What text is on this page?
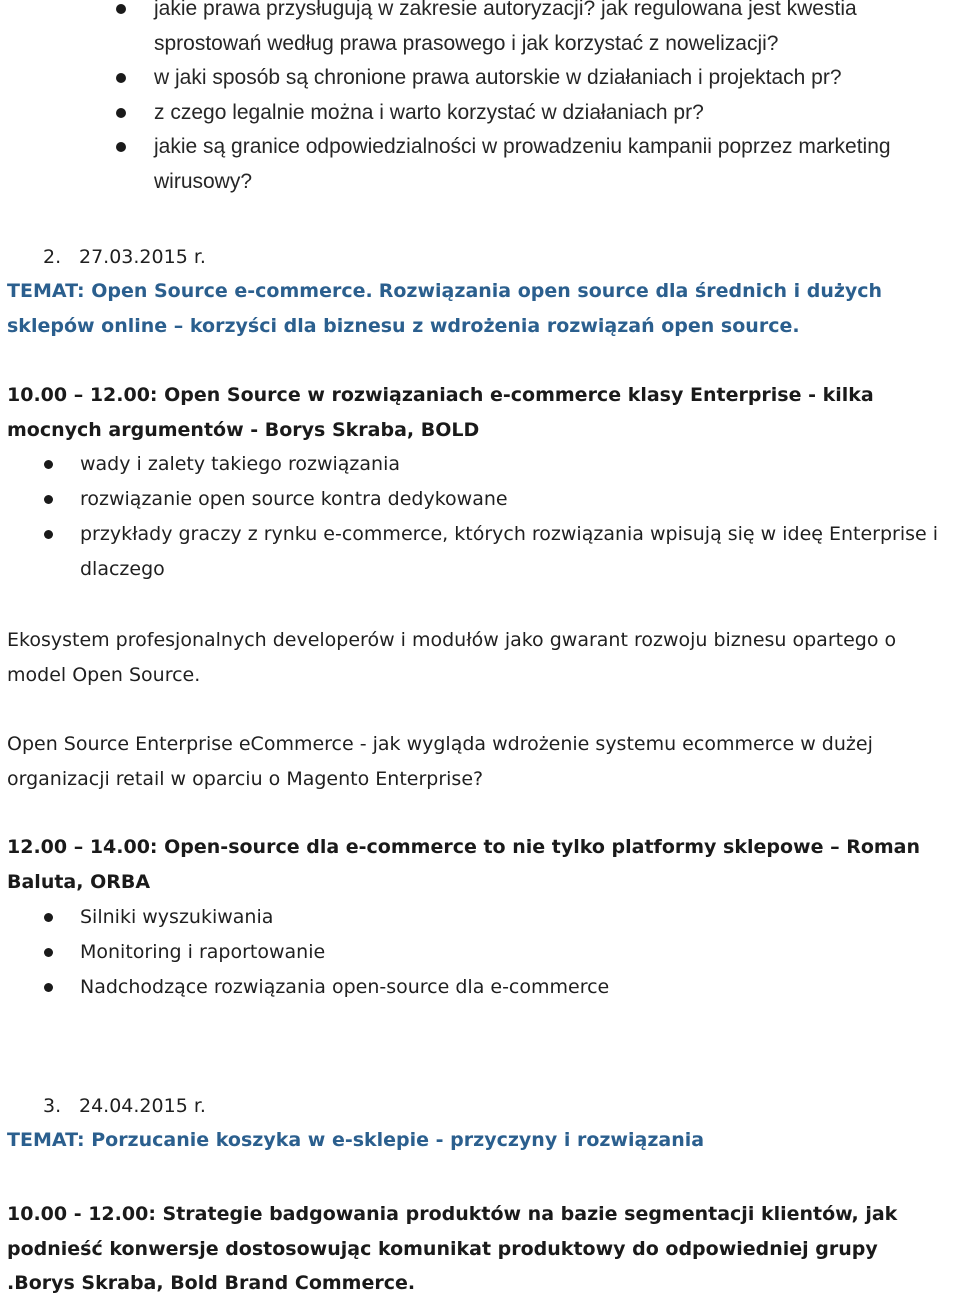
jakie prawa przysługują w zakresie autoryzacji? jak regulowana jest kwestia sprostowań według prawa prasowego i jak korzystać z nowelizacji?
w jaki sposób są chronione prawa autorskie w działaniach i projektach pr?
z czego legalnie można i warto korzystać w działaniach pr?
jakie są granice odpowiedzialności w prowadzeniu kampanii poprzez marketing wirusowy?
2. 27.03.2015 r.
TEMAT: Open Source e-commerce. Rozwiązania open source dla średnich i dużych sklepów online – korzyści dla biznesu z wdrożenia rozwiązań open source.
10.00 – 12.00: Open Source w rozwiązaniach e-commerce klasy Enterprise - kilka mocnych argumentów - Borys Skraba, BOLD
wady i zalety takiego rozwiązania
rozwiązanie open source kontra dedykowane
przykłady graczy z rynku e-commerce, których rozwiązania wpisują się w ideę Enterprise i dlaczego
Ekosystem profesjonalnych developerów i modułów jako gwarant rozwoju biznesu opartego o model Open Source.
Open Source Enterprise eCommerce - jak wygląda wdrożenie systemu ecommerce w dużej organizacji retail w oparciu o Magento Enterprise?
12.00 – 14.00: Open-source dla e-commerce to nie tylko platformy sklepowe – Roman Baluta, ORBA
Silniki wyszukiwania
Monitoring i raportowanie
Nadchodzące rozwiązania open-source dla e-commerce
3. 24.04.2015 r.
TEMAT: Porzucanie koszyka w e-sklepie - przyczyny i rozwiązania
10.00 - 12.00: Strategie badgowania produktów na bazie segmentacji klientów, jak podnieść konwersje dostosowując komunikat produktowy do odpowiedniej grupy .Borys Skraba, Bold Brand Commerce.
